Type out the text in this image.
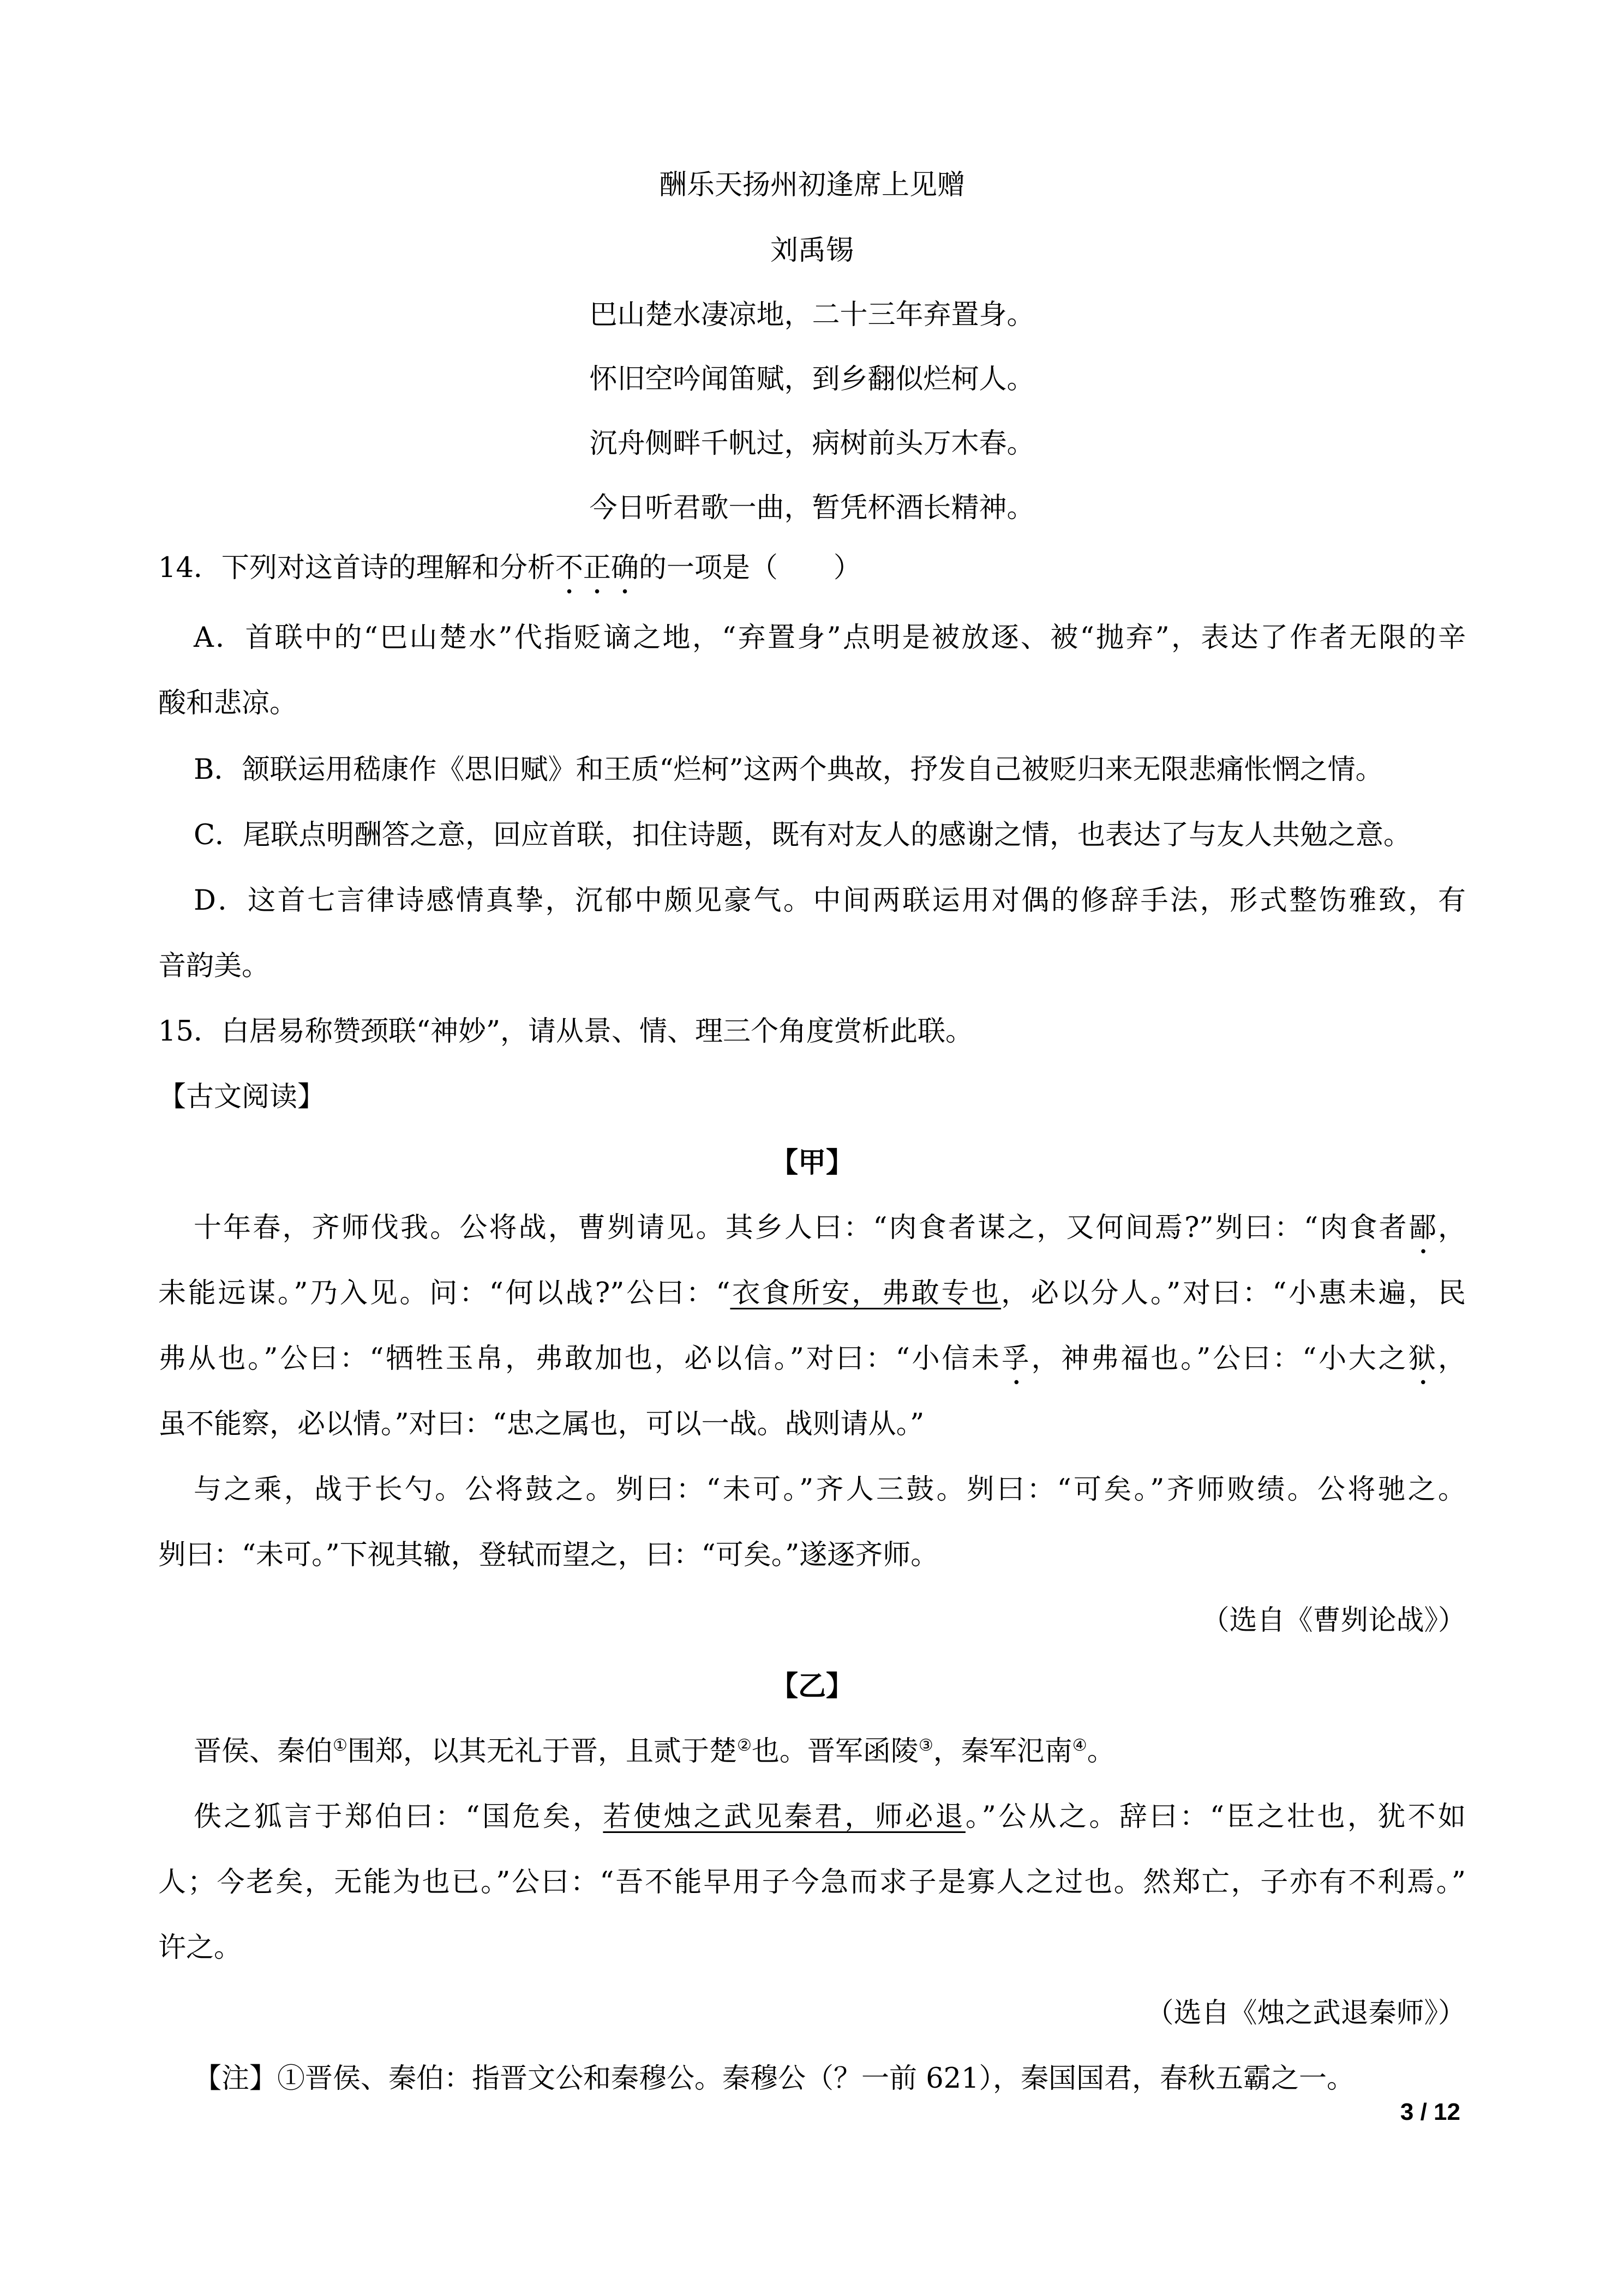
酬乐天扬州初逢席上见赠
刘禹锡
巴山楚水凄凉地，二十三年弃置身。
怀旧空吟闻笛赋，到乡翻似烂柯人。
沉舟侧畔千帆过，病树前头万木春。
今日听君歌一曲，暂凭杯酒长精神。
14．下列对这首诗的理解和分析不正确的一项是（　　）
A．首联中的“巴山楚水”代指贬谪之地，“弃置身”点明是被放逐、被“抛弃”，表达了作者无限的辛
酸和悲凉。
B．颔联运用嵇康作《思旧赋》和王质“烂柯”这两个典故，抒发自己被贬归来无限悲痛怅惘之情。
C．尾联点明酬答之意，回应首联，扣住诗题，既有对友人的感谢之情，也表达了与友人共勉之意。
D．这首七言律诗感情真挚，沉郁中颇见豪气。中间两联运用对偶的修辞手法，形式整饬雅致，有
音韵美。
15．白居易称赞颈联“神妙”，请从景、情、理三个角度赏析此联。
【古文阅读】
【甲】
十年春，齐师伐我。公将战，曹刿请见。其乡人曰：“肉食者谋之，又何间焉?”刿曰：“肉食者鄙，
未能远谋。”乃入见。问：“何以战?”公曰：“衣食所安，弗敢专也，必以分人。”对曰：“小惠未遍，民
弗从也。”公曰：“牺牲玉帛，弗敢加也，必以信。”对曰：“小信未孚，神弗福也。”公曰：“小大之狱，
虽不能察，必以情。”对曰：“忠之属也，可以一战。战则请从。”
与之乘，战于长勺。公将鼓之。刿曰：“未可。”齐人三鼓。刿曰：“可矣。”齐师败绩。公将驰之。
刿曰：“未可。”下视其辙，登轼而望之，曰：“可矣。”遂逐齐师。
（选自《曹刿论战》）
【乙】
晋侯、秦伯①围郑，以其无礼于晋，且贰于楚②也。晋军函陵③，秦军氾南④。
佚之狐言于郑伯曰：“国危矣，若使烛之武见秦君，师必退。”公从之。辞曰：“臣之壮也，犹不如
人；今老矣，无能为也已。”公曰：“吾不能早用子今急而求子是寡人之过也。然郑亡，子亦有不利焉。”
许之。
（选自《烛之武退秦师》）
【注】①晋侯、秦伯：指晋文公和秦穆公。秦穆公（？一前 621），秦国国君，春秋五霸之一。
3 / 12
